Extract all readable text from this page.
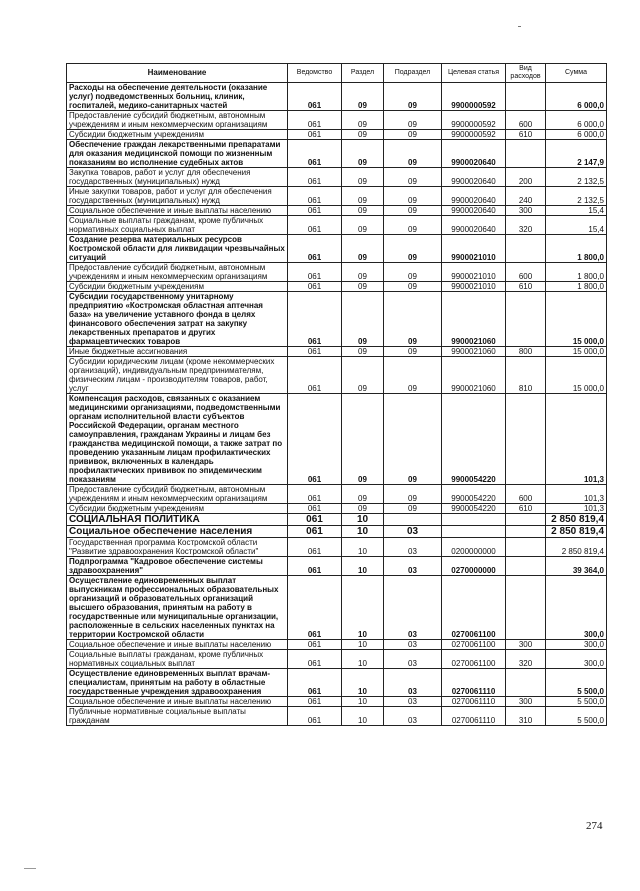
Наименование	Ведомство	Раздел	Подраздел	Целевая статья	Вид расходов	Сумма
Расходы на обеспечение деятельности (оказание услуг) подведомственных больниц, клиник, госпиталей, медико-санитарных частей	061	09	09	9900000592		6 000,0
Предоставление субсидий бюджетным, автономным учреждениям и иным некоммерческим организациям	061	09	09	9900000592	600	6 000,0
Субсидии бюджетным учреждениям	061	09	09	9900000592	610	6 000,0
Обеспечение граждан лекарственными препаратами для оказания медицинской помощи по жизненным показаниям во исполнение судебных актов	061	09	09	9900020640		2 147,9
Закупка товаров, работ и услуг для обеспечения государственных (муниципальных) нужд	061	09	09	9900020640	200	2 132,5
Иные закупки товаров, работ и услуг для обеспечения государственных (муниципальных) нужд	061	09	09	9900020640	240	2 132,5
Социальное обеспечение и иные выплаты населению	061	09	09	9900020640	300	15,4
Социальные выплаты гражданам, кроме публичных нормативных социальных выплат	061	09	09	9900020640	320	15,4
Создание резерва материальных ресурсов Костромской области для ликвидации чрезвычайных ситуаций	061	09	09	9900021010		1 800,0
Предоставление субсидий бюджетным, автономным учреждениям и иным некоммерческим организациям	061	09	09	9900021010	600	1 800,0
Субсидии бюджетным учреждениям	061	09	09	9900021010	610	1 800,0
Субсидии государственному унитарному предприятию «Костромская областная аптечная база» на увеличение уставного фонда в целях финансового обеспечения затрат на закупку лекарственных препаратов и других фармацевтических товаров	061	09	09	9900021060		15 000,0
Иные бюджетные ассигнования	061	09	09	9900021060	800	15 000,0
Субсидии юридическим лицам (кроме некоммерческих организаций), индивидуальным предпринимателям, физическим лицам - производителям товаров, работ, услуг	061	09	09	9900021060	810	15 000,0
Компенсация расходов, связанных с оказанием медицинскими организациями, подведомственными органам исполнительной власти субъектов Российской Федерации, органам местного самоуправления, гражданам Украины и лицам без гражданства медицинской помощи, а также затрат по проведению указанным лицам профилактических прививок, включенных в календарь профилактических прививок по эпидемическим показаниям	061	09	09	9900054220		101,3
Предоставление субсидий бюджетным, автономным учреждениям и иным некоммерческим организациям	061	09	09	9900054220	600	101,3
Субсидии бюджетным учреждениям	061	09	09	9900054220	610	101,3
СОЦИАЛЬНАЯ ПОЛИТИКА	061	10				2 850 819,4
Социальное обеспечение населения	061	10	03			2 850 819,4
Государственная программа Костромской области "Развитие здравоохранения Костромской области"	061	10	03	0200000000		2 850 819,4
Подпрограмма "Кадровое обеспечение системы здравоохранения"	061	10	03	0270000000		39 364,0
Осуществление единовременных выплат выпускникам профессиональных образовательных организаций и образовательных организаций высшего образования, принятым на работу в государственные или муниципальные организации, расположенные в сельских населенных пунктах на территории Костромской области	061	10	03	0270061100		300,0
Социальное обеспечение и иные выплаты населению	061	10	03	0270061100	300	300,0
Социальные выплаты гражданам, кроме публичных нормативных социальных выплат	061	10	03	0270061100	320	300,0
Осуществление единовременных выплат врачам-специалистам, принятым на работу в областные государственные учреждения здравоохранения	061	10	03	0270061110		5 500,0
Социальное обеспечение и иные выплаты населению	061	10	03	0270061110	300	5 500,0
Публичные нормативные социальные выплаты гражданам	061	10	03	0270061110	310	5 500,0
274
